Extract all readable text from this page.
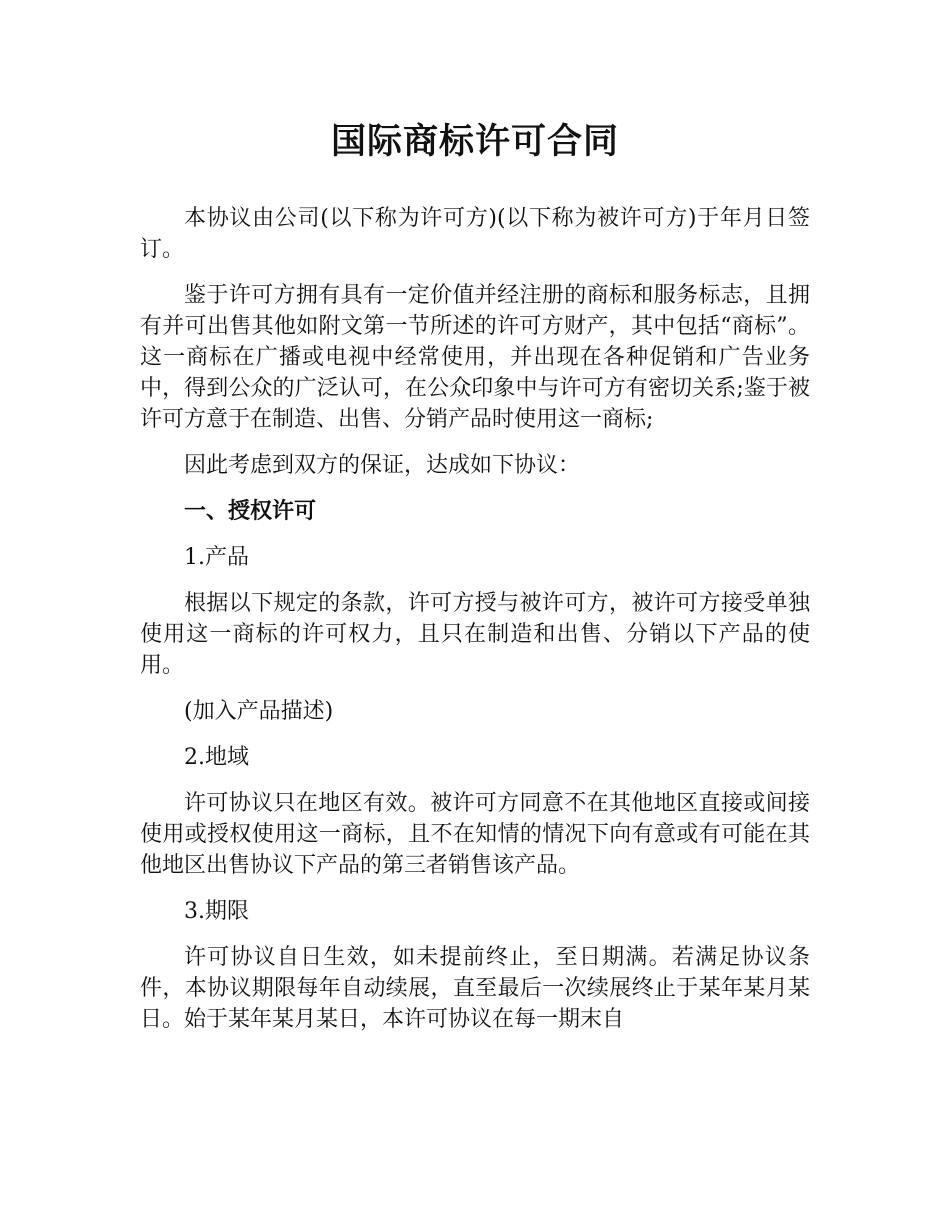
国际商标许可合同

本协议由公司(以下称为许可方)(以下称为被许可方)于年月日签订。

鉴于许可方拥有具有一定价值并经注册的商标和服务标志，且拥有并可出售其他如附文第一节所述的许可方财产，其中包括“商标”。这一商标在广播或电视中经常使用，并出现在各种促销和广告业务中，得到公众的广泛认可，在公众印象中与许可方有密切关系;鉴于被许可方意于在制造、出售、分销产品时使用这一商标;

因此考虑到双方的保证，达成如下协议：

一、授权许可

1.产品

根据以下规定的条款，许可方授与被许可方，被许可方接受单独使用这一商标的许可权力，且只在制造和出售、分销以下产品的使用。

(加入产品描述)

2.地域

许可协议只在地区有效。被许可方同意不在其他地区直接或间接使用或授权使用这一商标，且不在知情的情况下向有意或有可能在其他地区出售协议下产品的第三者销售该产品。

3.期限

许可协议自日生效，如未提前终止，至日期满。若满足协议条件，本协议期限每年自动续展，直至最后一次续展终止于某年某月某日。始于某年某月某日，本许可协议在每一期末自
